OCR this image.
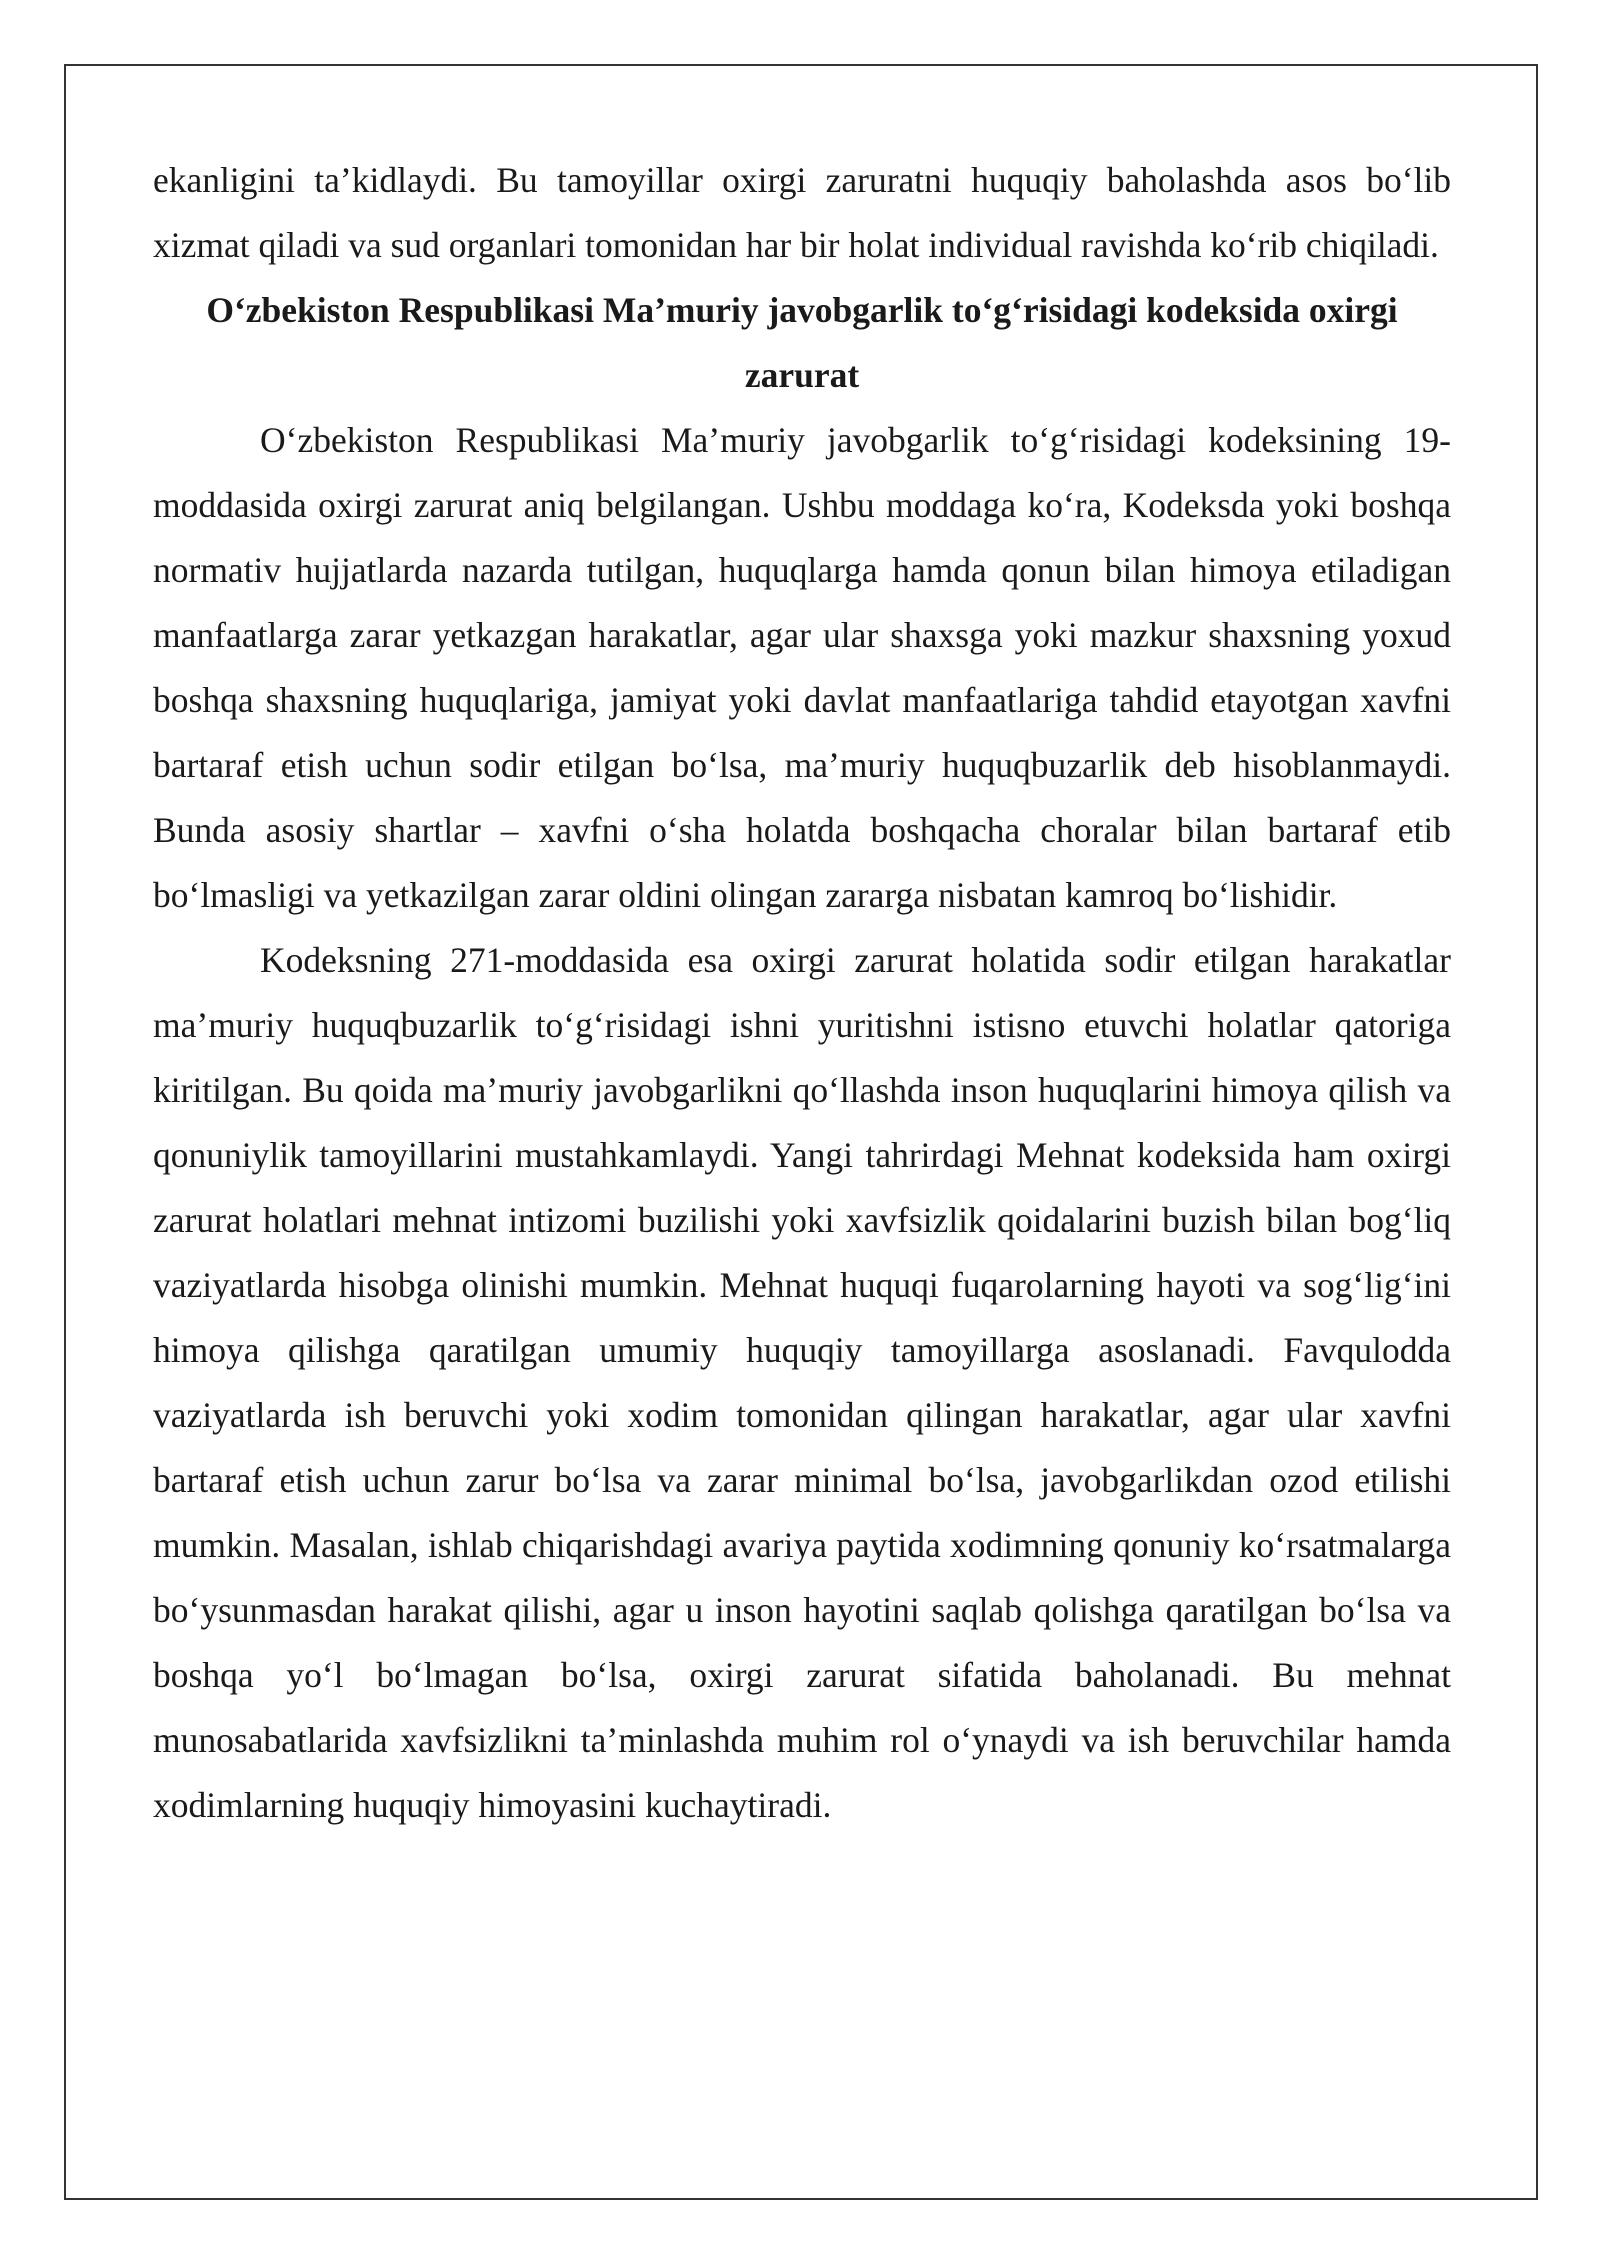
ekanligini ta’kidlaydi. Bu tamoyillar oxirgi zaruratni huquqiy baholashda asos bo‘lib xizmat qiladi va sud organlari tomonidan har bir holat individual ravishda ko‘rib chiqiladi.

O‘zbekiston Respublikasi Ma’muriy javobgarlik to‘g‘risidagi kodeksida oxirgi zarurat

O‘zbekiston Respublikasi Ma’muriy javobgarlik to‘g‘risidagi kodeksining 19-moddasida oxirgi zarurat aniq belgilangan. Ushbu moddaga ko‘ra, Kodeksda yoki boshqa normativ hujjatlarda nazarda tutilgan, huquqlarga hamda qonun bilan himoya etiladigan manfaatlarga zarar yetkazgan harakatlar, agar ular shaxsga yoki mazkur shaxsning yoxud boshqa shaxsning huquqlariga, jamiyat yoki davlat manfaatlariga tahdid etayotgan xavfni bartaraf etish uchun sodir etilgan bo‘lsa, ma’muriy huquqbuzarlik deb hisoblanmaydi. Bunda asosiy shartlar – xavfni o‘sha holatda boshqacha choralar bilan bartaraf etib bo‘lmasligi va yetkazilgan zarar oldini olingan zararga nisbatan kamroq bo‘lishidir.

Kodeksning 271-moddasida esa oxirgi zarurat holatida sodir etilgan harakatlar ma’muriy huquqbuzarlik to‘g‘risidagi ishni yuritishni istisno etuvchi holatlar qatoriga kiritilgan. Bu qoida ma’muriy javobgarlikni qo‘llashda inson huquqlarini himoya qilish va qonuniylik tamoyillarini mustahkamlaydi. Yangi tahrirdagi Mehnat kodeksida ham oxirgi zarurat holatlari mehnat intizomi buzilishi yoki xavfsizlik qoidalarini buzish bilan bog‘liq vaziyatlarda hisobga olinishi mumkin. Mehnat huquqi fuqarolarning hayoti va sog‘lig‘ini himoya qilishga qaratilgan umumiy huquqiy tamoyillarga asoslanadi. Favqulodda vaziyatlarda ish beruvchi yoki xodim tomonidan qilingan harakatlar, agar ular xavfni bartaraf etish uchun zarur bo‘lsa va zarar minimal bo‘lsa, javobgarlikdan ozod etilishi mumkin. Masalan, ishlab chiqarishdagi avariya paytida xodimning qonuniy ko‘rsatmalarga bo‘ysunmasdan harakat qilishi, agar u inson hayotini saqlab qolishga qaratilgan bo‘lsa va boshqa yo‘l bo‘lmagan bo‘lsa, oxirgi zarurat sifatida baholanadi. Bu mehnat munosabatlarida xavfsizlikni ta’minlashda muhim rol o‘ynaydi va ish beruvchilar hamda xodimlarning huquqiy himoyasini kuchaytiradi.
